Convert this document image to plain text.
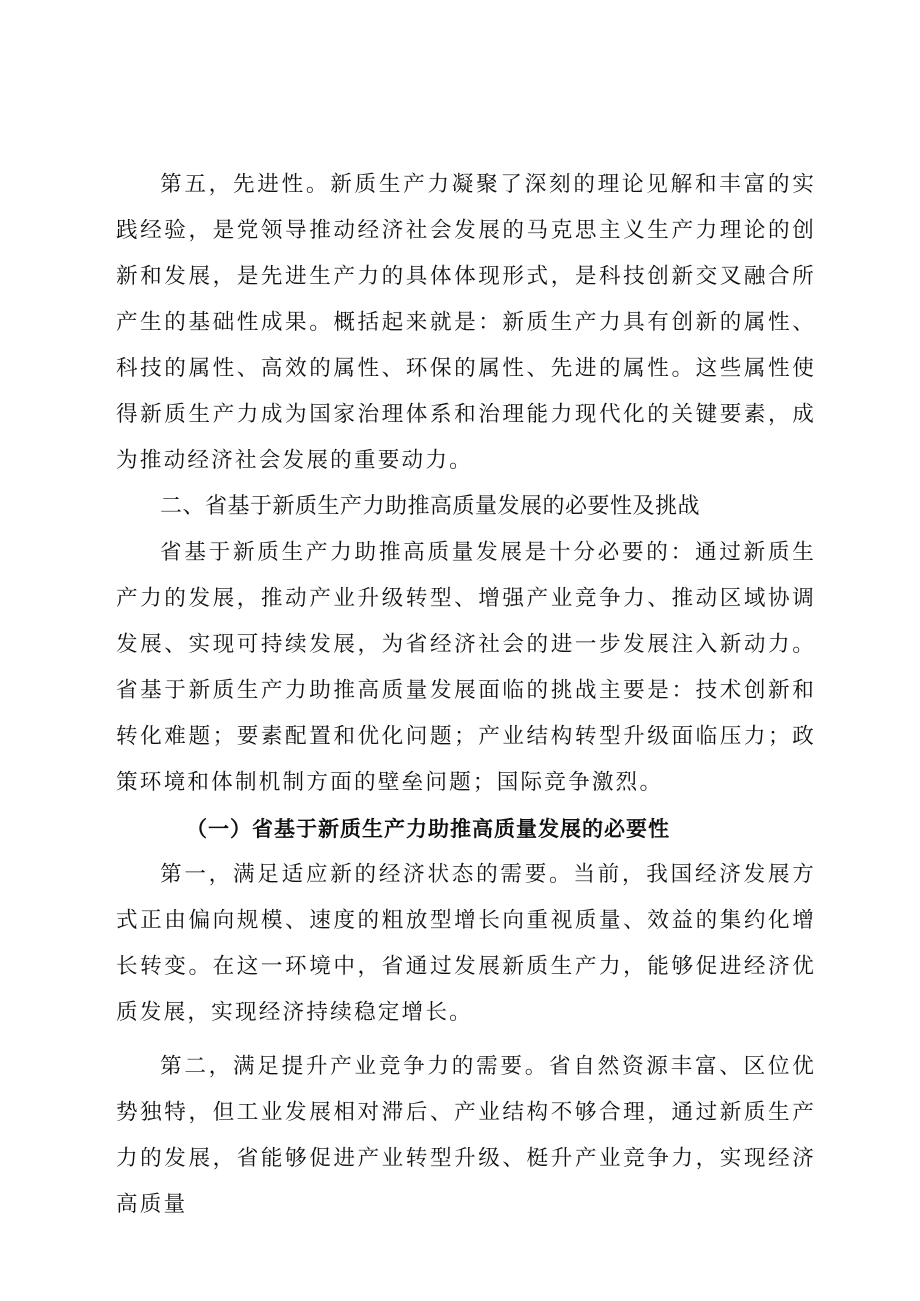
第五，先进性。新质生产力凝聚了深刻的理论见解和丰富的实践经验，是党领导推动经济社会发展的马克思主义生产力理论的创新和发展，是先进生产力的具体体现形式，是科技创新交叉融合所产生的基础性成果。概括起来就是：新质生产力具有创新的属性、科技的属性、高效的属性、环保的属性、先进的属性。这些属性使得新质生产力成为国家治理体系和治理能力现代化的关键要素，成为推动经济社会发展的重要动力。

二、省基于新质生产力助推高质量发展的必要性及挑战

省基于新质生产力助推高质量发展是十分必要的：通过新质生产力的发展，推动产业升级转型、增强产业竞争力、推动区域协调发展、实现可持续发展，为省经济社会的进一步发展注入新动力。省基于新质生产力助推高质量发展面临的挑战主要是：技术创新和转化难题；要素配置和优化问题；产业结构转型升级面临压力；政策环境和体制机制方面的壁垒问题；国际竞争激烈。

（一）省基于新质生产力助推高质量发展的必要性

第一，满足适应新的经济状态的需要。当前，我国经济发展方式正由偏向规模、速度的粗放型增长向重视质量、效益的集约化增长转变。在这一环境中，省通过发展新质生产力，能够促进经济优质发展，实现经济持续稳定增长。

第二，满足提升产业竞争力的需要。省自然资源丰富、区位优势独特，但工业发展相对滞后、产业结构不够合理，通过新质生产力的发展，省能够促进产业转型升级、梃升产业竞争力，实现经济高质量
